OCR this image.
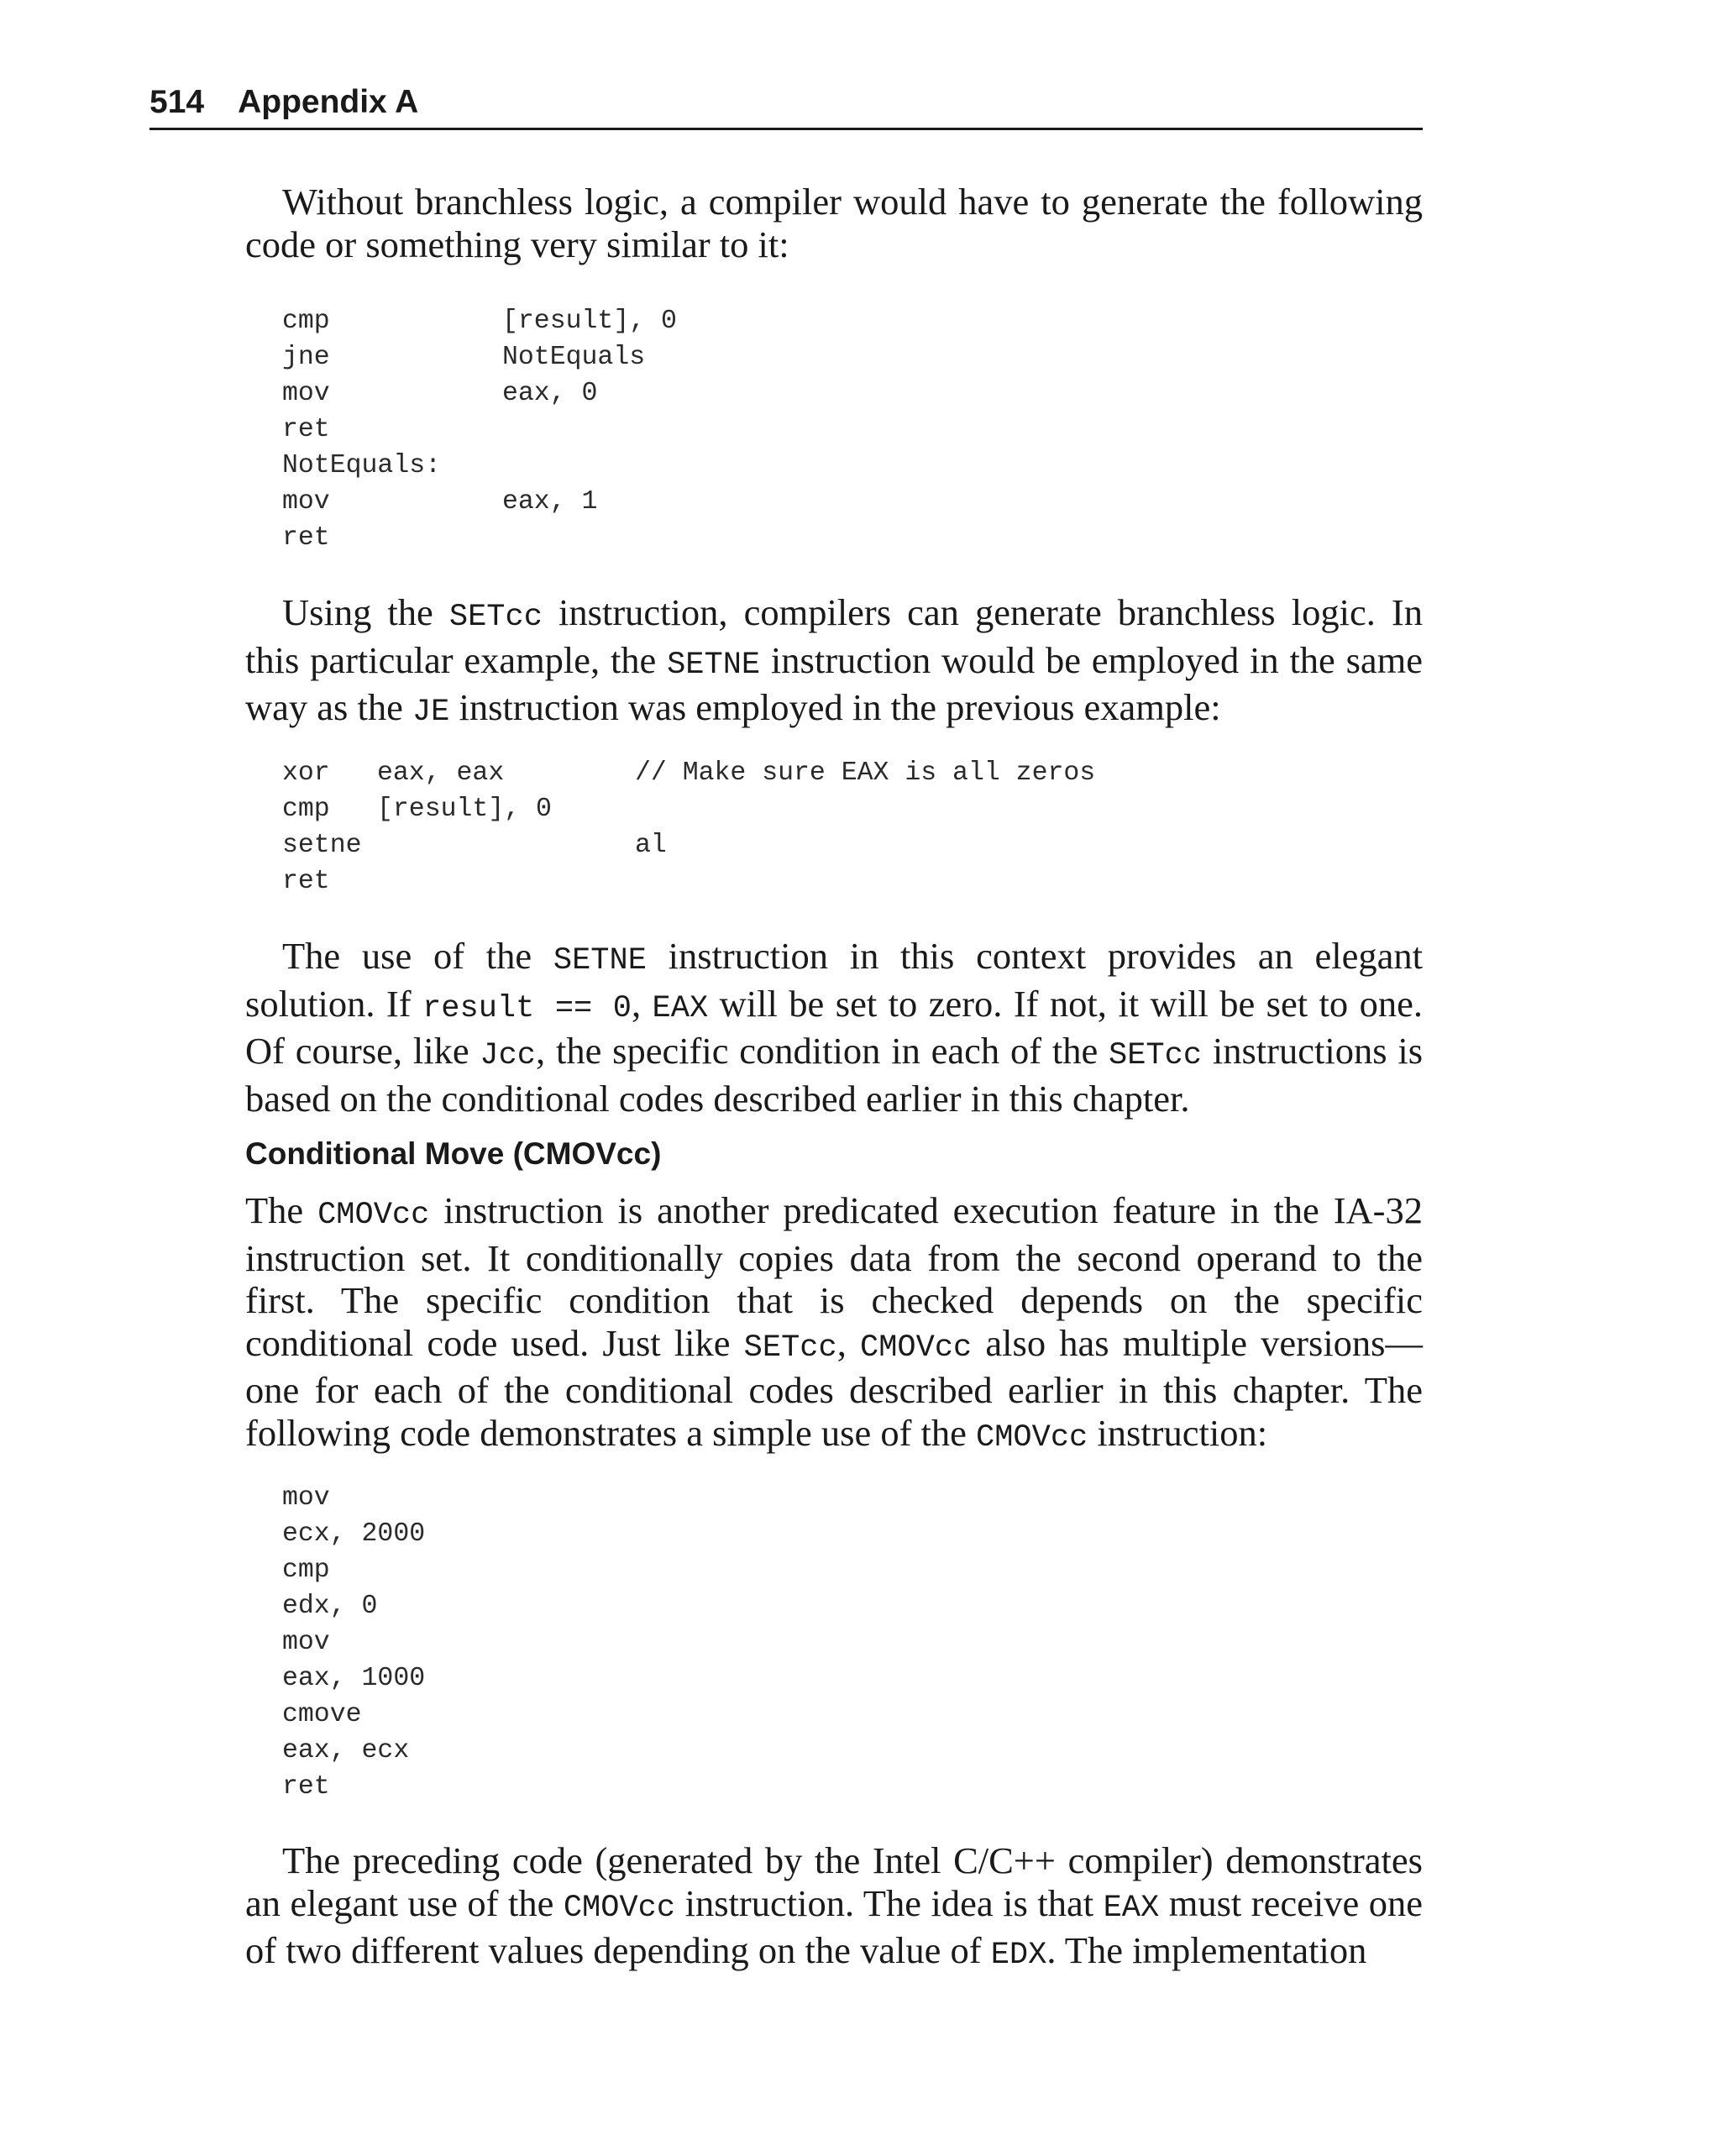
514 Appendix A

Without branchless logic, a compiler would have to generate the following code or something very similar to it:

cmp	[result], 0
jne	NotEquals
mov	eax, 0
ret
NotEquals:
mov	eax, 1
ret

Using the SETcc instruction, compilers can generate branchless logic. In this particular example, the SETNE instruction would be employed in the same way as the JE instruction was employed in the previous example:

xor eax, eax	// Make sure EAX is all zeros
cmp [result], 0
setne	al
ret

The use of the SETNE instruction in this context provides an elegant solution. If result == 0, EAX will be set to zero. If not, it will be set to one. Of course, like Jcc, the specific condition in each of the SETcc instructions is based on the conditional codes described earlier in this chapter.

Conditional Move (CMOVcc)

The CMOVcc instruction is another predicated execution feature in the IA-32 instruction set. It conditionally copies data from the second operand to the first. The specific condition that is checked depends on the specific conditional code used. Just like SETcc, CMOVcc also has multiple versions—one for each of the conditional codes described earlier in this chapter. The following code demonstrates a simple use of the CMOVcc instruction:

mov
ecx, 2000
cmp
edx, 0
mov
eax, 1000
cmove
eax, ecx
ret

The preceding code (generated by the Intel C/C++ compiler) demonstrates an elegant use of the CMOVcc instruction. The idea is that EAX must receive one of two different values depending on the value of EDX. The implementation
